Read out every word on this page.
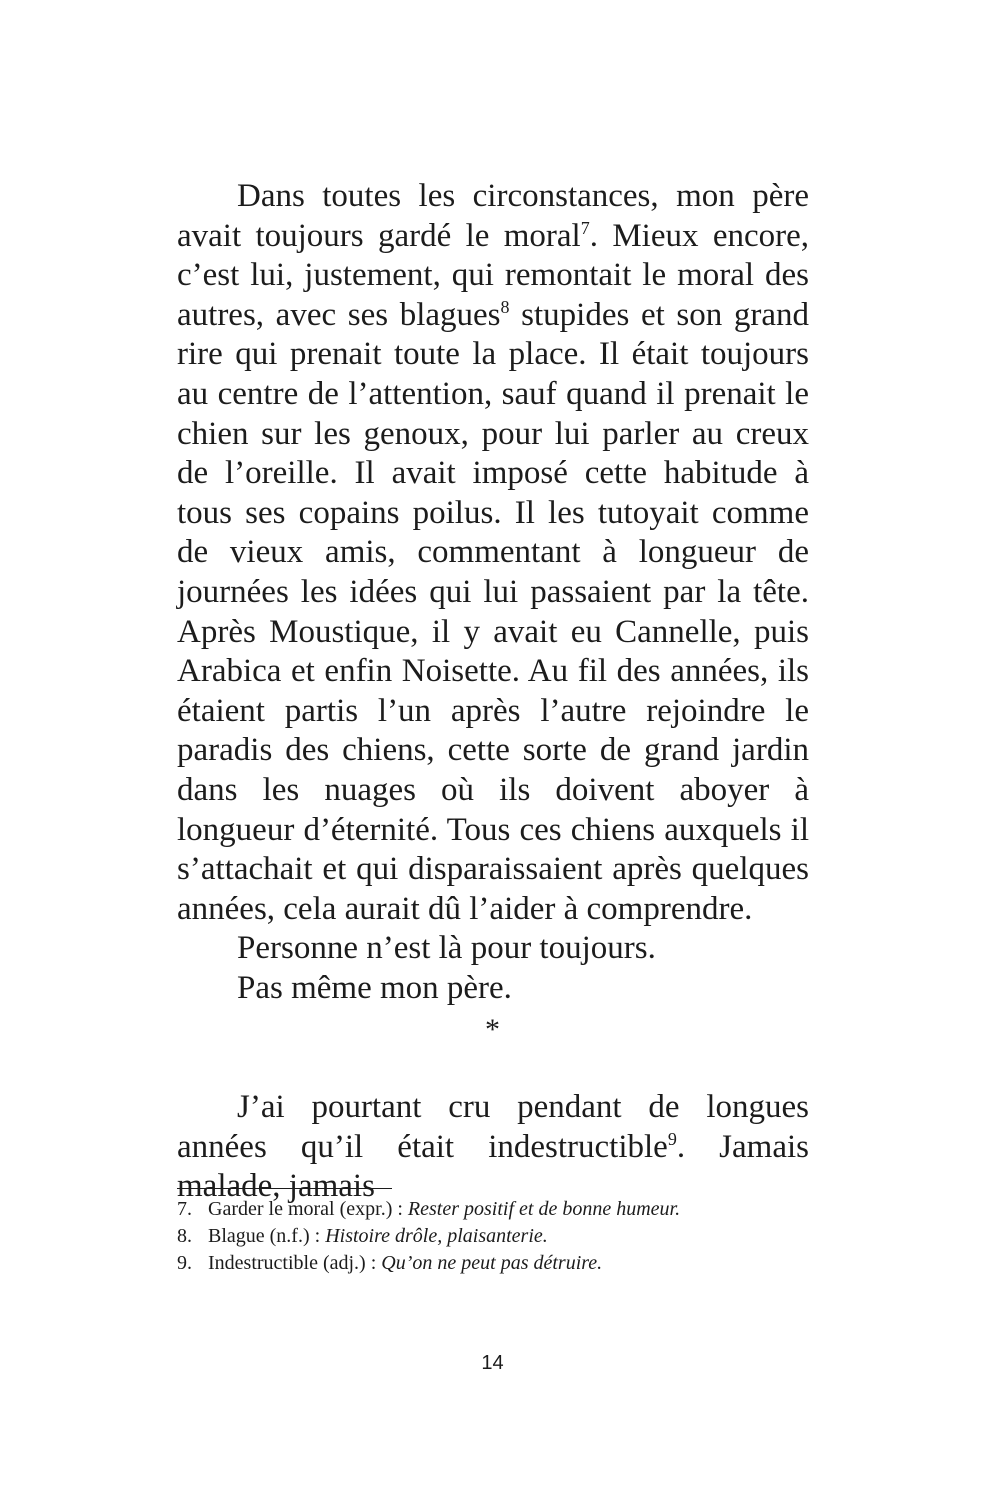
Dans toutes les circonstances, mon père avait toujours gardé le moral$^7$. Mieux encore, c’est lui, justement, qui remontait le moral des autres, avec ses blagues$^8$ stupides et son grand rire qui prenait toute la place. Il était toujours au centre de l’attention, sauf quand il prenait le chien sur les genoux, pour lui parler au creux de l’oreille. Il avait imposé cette habitude à tous ses copains poilus. Il les tutoyait comme de vieux amis, commentant à longueur de journées les idées qui lui passaient par la tête. Après Moustique, il y avait eu Cannelle, puis Arabica et enfin Noisette. Au fil des années, ils étaient partis l’un après l’autre rejoindre le paradis des chiens, cette sorte de grand jardin dans les nuages où ils doivent aboyer à longueur d’éternité. Tous ces chiens auxquels il s’attachait et qui disparaissaient après quelques années, cela aurait dû l’aider à comprendre.

Personne n’est là pour toujours.
Pas même mon père.
*

J’ai pourtant cru pendant de longues années qu’il était indestructible$^9$. Jamais malade, jamais

7. Garder le moral (expr.) : Rester positif et de bonne humeur.
8. Blague (n.f.) : Histoire drôle, plaisanterie.
9. Indestructible (adj.) : Qu’on ne peut pas détruire.
14
